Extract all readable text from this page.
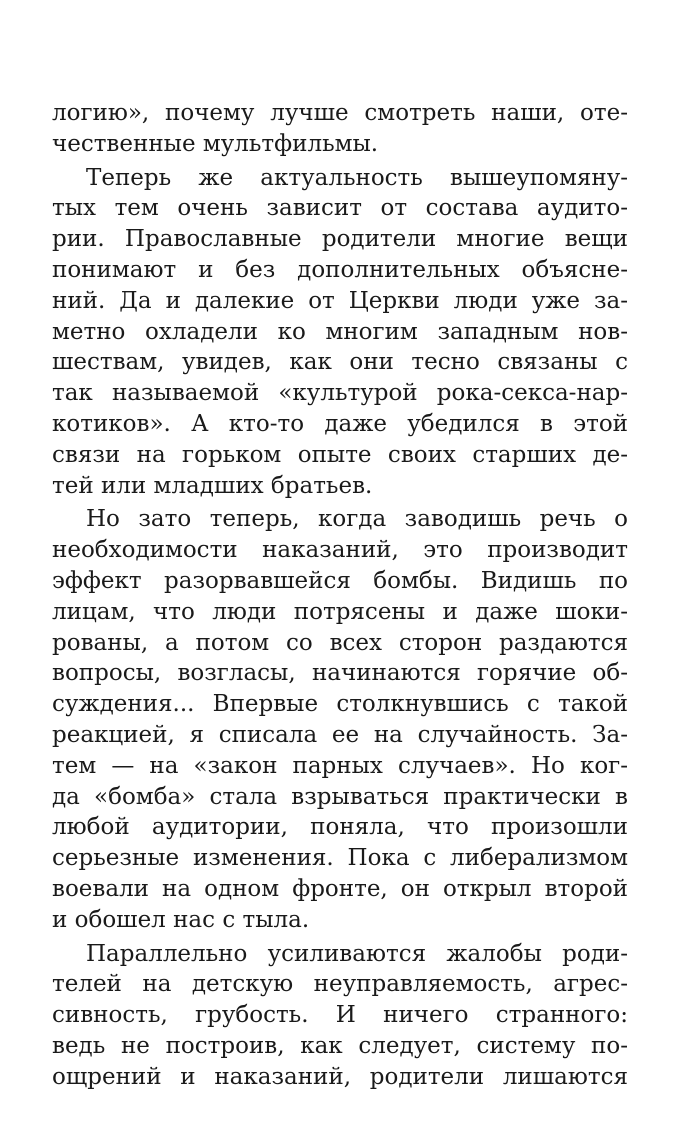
логию», почему лучше смотреть наши, оте-
чественные мультфильмы.
Теперь же актуальность вышеупомяну-
тых тем очень зависит от состава аудито-
рии. Православные родители многие вещи
понимают и без дополнительных объясне-
ний. Да и далекие от Церкви люди уже за-
метно охладели ко многим западным нов-
шествам, увидев, как они тесно связаны с
так называемой «культурой рока-секса-нар-
котиков». А кто-то даже убедился в этой
связи на горьком опыте своих старших де-
тей или младших братьев.
Но зато теперь, когда заводишь речь о
необходимости наказаний, это производит
эффект разорвавшейся бомбы. Видишь по
лицам, что люди потрясены и даже шоки-
рованы, а потом со всех сторон раздаются
вопросы, возгласы, начинаются горячие об-
суждения... Впервые столкнувшись с такой
реакцией, я списала ее на случайность. За-
тем — на «закон парных случаев». Но ког-
да «бомба» стала взрываться практически в
любой аудитории, поняла, что произошли
серьезные изменения. Пока с либерализмом
воевали на одном фронте, он открыл второй
и обошел нас с тыла.
Параллельно усиливаются жалобы роди-
телей на детскую неуправляемость, агрес-
сивность, грубость. И ничего странного:
ведь не построив, как следует, систему по-
ощрений и наказаний, родители лишаются
